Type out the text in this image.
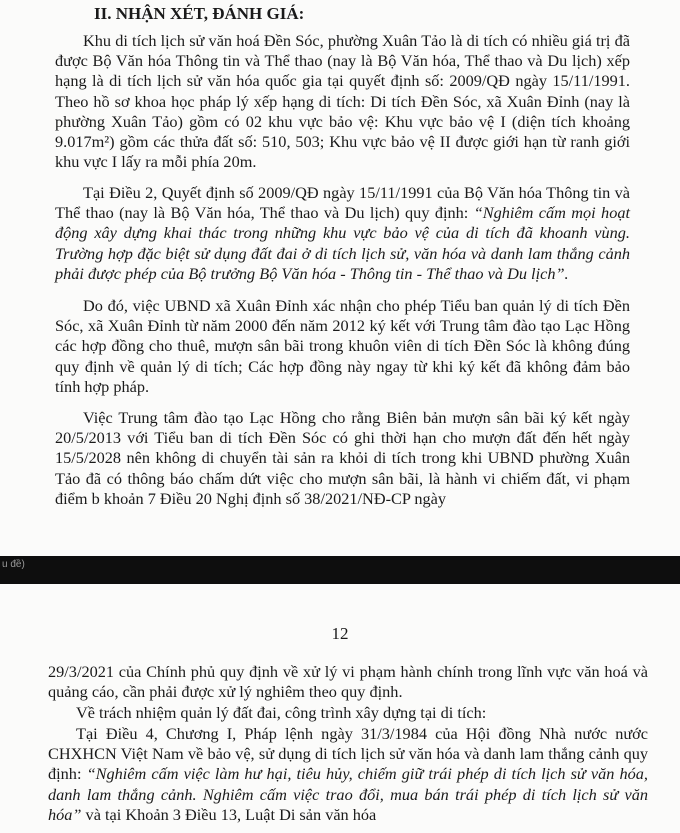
II. NHẬN XÉT, ĐÁNH GIÁ:

Khu di tích lịch sử văn hoá Đền Sóc, phường Xuân Tảo là di tích có nhiều giá trị đã được Bộ Văn hóa Thông tin và Thể thao (nay là Bộ Văn hóa, Thể thao và Du lịch) xếp hạng là di tích lịch sử văn hóa quốc gia tại quyết định số: 2009/QĐ ngày 15/11/1991. Theo hồ sơ khoa học pháp lý xếp hạng di tích: Di tích Đền Sóc, xã Xuân Đỉnh (nay là phường Xuân Tảo) gồm có 02 khu vực bảo vệ: Khu vực bảo vệ I (diện tích khoảng 9.017m²) gồm các thửa đất số: 510, 503; Khu vực bảo vệ II được giới hạn từ ranh giới khu vực I lấy ra mỗi phía 20m.

Tại Điều 2, Quyết định số 2009/QĐ ngày 15/11/1991 của Bộ Văn hóa Thông tin và Thể thao (nay là Bộ Văn hóa, Thể thao và Du lịch) quy định: “Nghiêm cấm mọi hoạt động xây dựng khai thác trong những khu vực bảo vệ của di tích đã khoanh vùng. Trường hợp đặc biệt sử dụng đất đai ở di tích lịch sử, văn hóa và danh lam thắng cảnh phải được phép của Bộ trưởng Bộ Văn hóa - Thông tin - Thể thao và Du lịch”.

Do đó, việc UBND xã Xuân Đỉnh xác nhận cho phép Tiểu ban quản lý di tích Đền Sóc, xã Xuân Đỉnh từ năm 2000 đến năm 2012 ký kết với Trung tâm đào tạo Lạc Hồng các hợp đồng cho thuê, mượn sân bãi trong khuôn viên di tích Đền Sóc là không đúng quy định về quản lý di tích; Các hợp đồng này ngay từ khi ký kết đã không đảm bảo tính hợp pháp.

Việc Trung tâm đào tạo Lạc Hồng cho rằng Biên bản mượn sân bãi ký kết ngày 20/5/2013 với Tiểu ban di tích Đền Sóc có ghi thời hạn cho mượn đất đến hết ngày 15/5/2028 nên không di chuyển tài sản ra khỏi di tích trong khi UBND phường Xuân Tảo đã có thông báo chấm dứt việc cho mượn sân bãi, là hành vi chiếm đất, vi phạm điểm b khoản 7 Điều 20 Nghị định số 38/2021/NĐ-CP ngày

u đề)

12

29/3/2021 của Chính phủ quy định về xử lý vi phạm hành chính trong lĩnh vực văn hoá và quảng cáo, cần phải được xử lý nghiêm theo quy định.

Về trách nhiệm quản lý đất đai, công trình xây dựng tại di tích:

Tại Điều 4, Chương I, Pháp lệnh ngày 31/3/1984 của Hội đồng Nhà nước nước CHXHCN Việt Nam về bảo vệ, sử dụng di tích lịch sử văn hóa và danh lam thắng cảnh quy định: “Nghiêm cấm việc làm hư hại, tiêu hủy, chiếm giữ trái phép di tích lịch sử văn hóa, danh lam thắng cảnh. Nghiêm cấm việc trao đổi, mua bán trái phép di tích lịch sử văn hóa” và tại Khoản 3 Điều 13, Luật Di sản văn hóa
